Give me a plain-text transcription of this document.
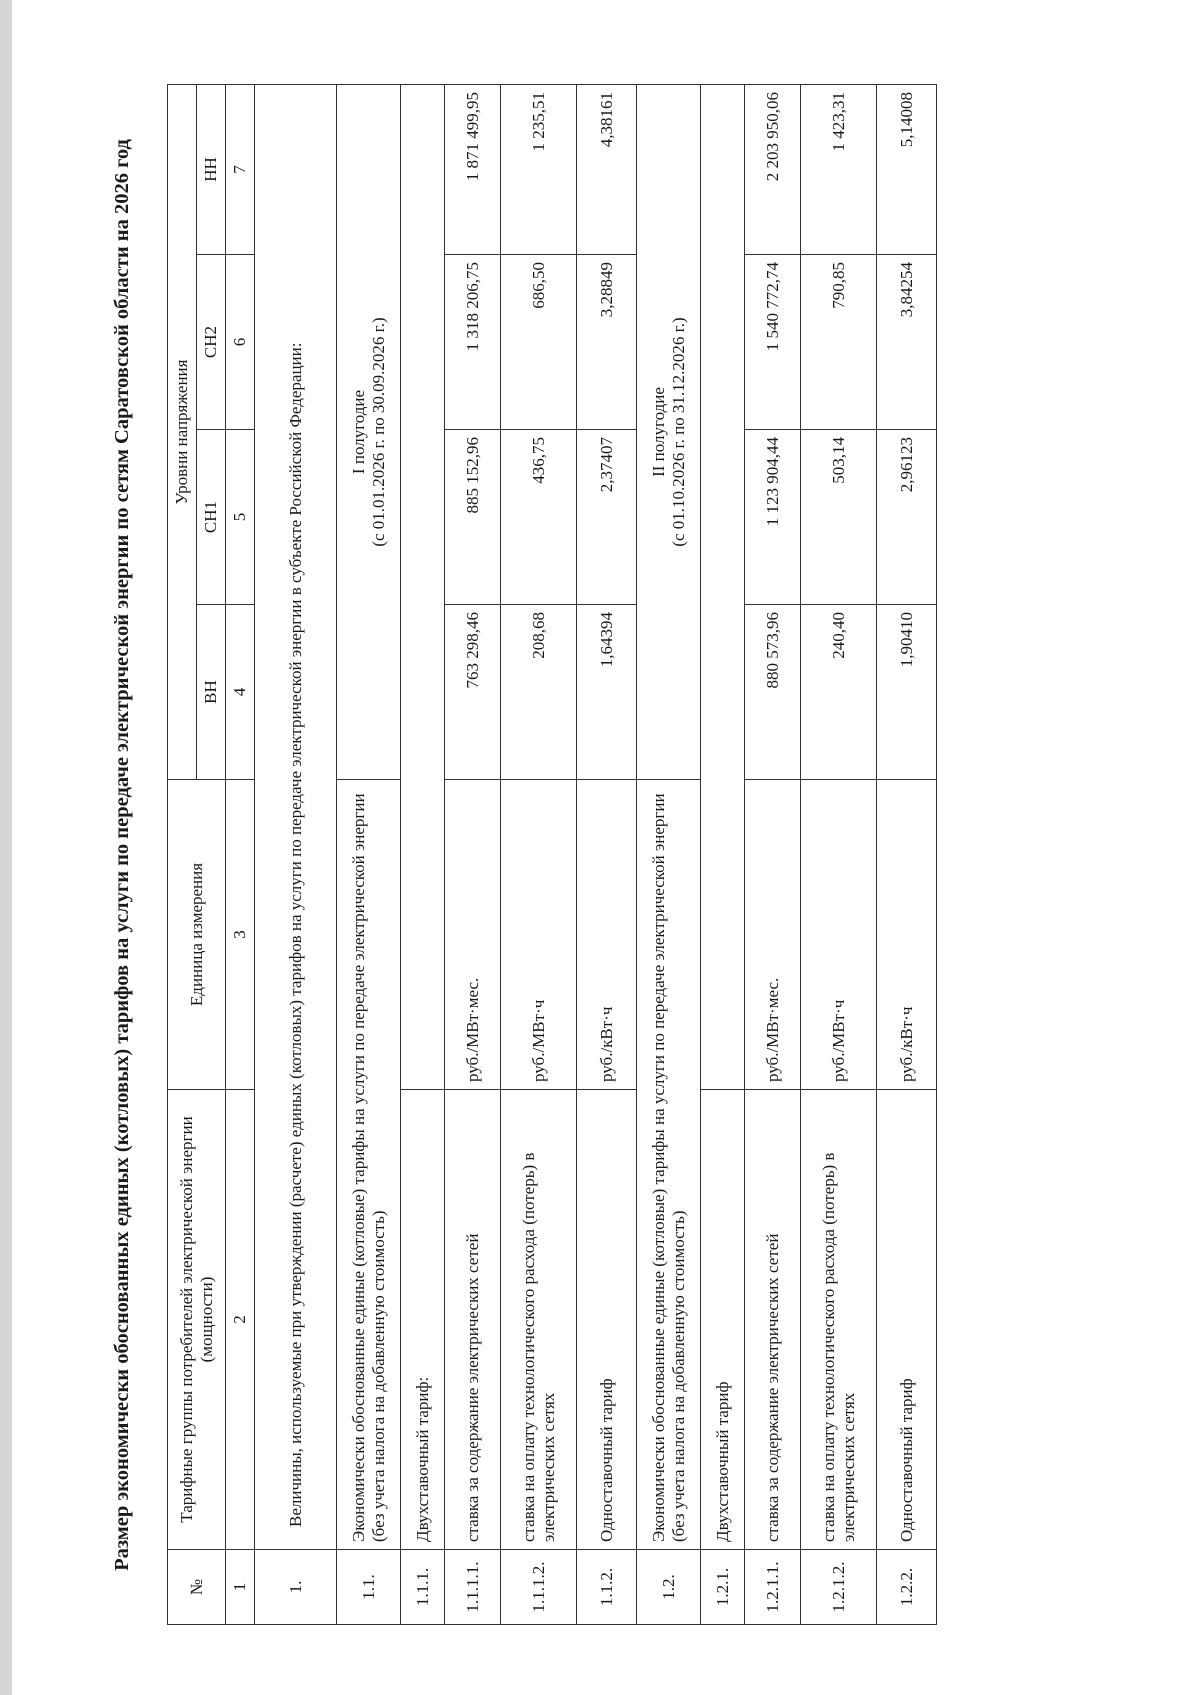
Размер экономически обоснованных единых (котловых) тарифов на услуги по передаче электрической энергии по сетям Саратовской области на 2026 год
№	Тарифные группы потребителей электрической энергии (мощности)	Единица измерения	Уровни напряжения			
			ВН	СН1	СН2	НН
1	2	3	4	5	6	7
1.	Величины, используемые при утверждении (расчете) единых (котловых) тарифов на услуги по передаче электрической энергии в субъекте Российской Федерации:					
1.1.	Экономически обоснованные единые (котловые) тарифы на услуги по передаче электрической энергии (без учета налога на добавленную стоимость)		I полугодие (с 01.01.2026 г. по 30.09.2026 г.)			

1.1.1.	Двухставочный тариф:					
1.1.1.1.	ставка за содержание электрических сетей	руб./МВт·мес.	763 298,46	885 152,96	1 318 206,75	1 871 499,95
1.1.1.2.	ставка на оплату технологического расхода (потерь) в электрических сетях	руб./МВт·ч	208,68	436,75	686,50	1 235,51
1.1.2.	Одноставочный тариф	руб./кВт·ч	1,64394	2,37407	3,28849	4,38161
1.2.	Экономически обоснованные единые (котловые) тарифы на услуги по передаче электрической энергии (без учета налога на добавленную стоимость)		II полугодие (с 01.10.2026 г. по 31.12.2026 г.)			

1.2.1.	Двухставочный тариф					
1.2.1.1.	ставка за содержание электрических сетей	руб./МВт·мес.	880 573,96	1 123 904,44	1 540 772,74	2 203 950,06
1.2.1.2.	ставка на оплату технологического расхода (потерь) в электрических сетях	руб./МВт·ч	240,40	503,14	790,85	1 423,31
1.2.2.	Одноставочный тариф	руб./кВт·ч	1,90410	2,96123	3,84254	5,14008
